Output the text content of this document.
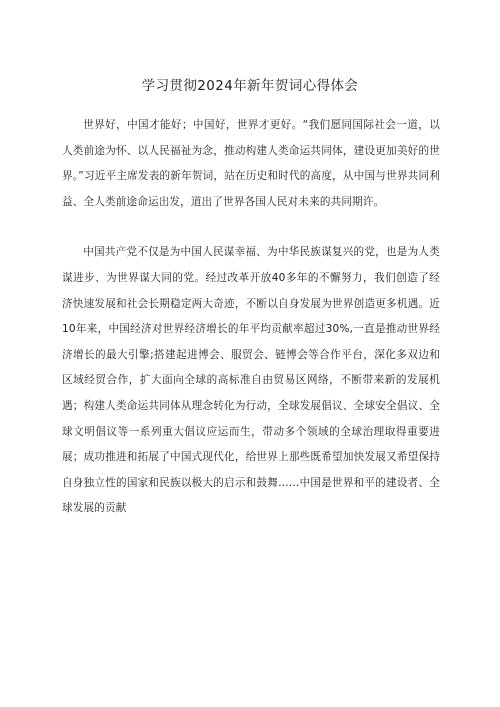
学习贯彻2024年新年贺词心得体会

世界好，中国才能好；中国好，世界才更好。“我们愿同国际社会一道，以人类前途为怀、以人民福祉为念，推动构建人类命运共同体，建设更加美好的世界。”习近平主席发表的新年贺词，站在历史和时代的高度，从中国与世界共同利益、全人类前途命运出发，道出了世界各国人民对未来的共同期许。

中国共产党不仅是为中国人民谋幸福、为中华民族谋复兴的党，也是为人类谋进步、为世界谋大同的党。经过改革开放40多年的不懈努力，我们创造了经济快速发展和社会长期稳定两大奇迹，不断以自身发展为世界创造更多机遇。近10年来，中国经济对世界经济增长的年平均贡献率超过30%,一直是推动世界经济增长的最大引擎;搭建起进博会、服贸会、链博会等合作平台，深化多双边和区域经贸合作，扩大面向全球的高标准自由贸易区网络，不断带来新的发展机遇；构建人类命运共同体从理念转化为行动，全球发展倡议、全球安全倡议、全球文明倡议等一系列重大倡议应运而生，带动多个领域的全球治理取得重要进展；成功推进和拓展了中国式现代化，给世界上那些既希望加快发展又希望保持自身独立性的国家和民族以极大的启示和鼓舞……中国是世界和平的建设者、全球发展的贡献
